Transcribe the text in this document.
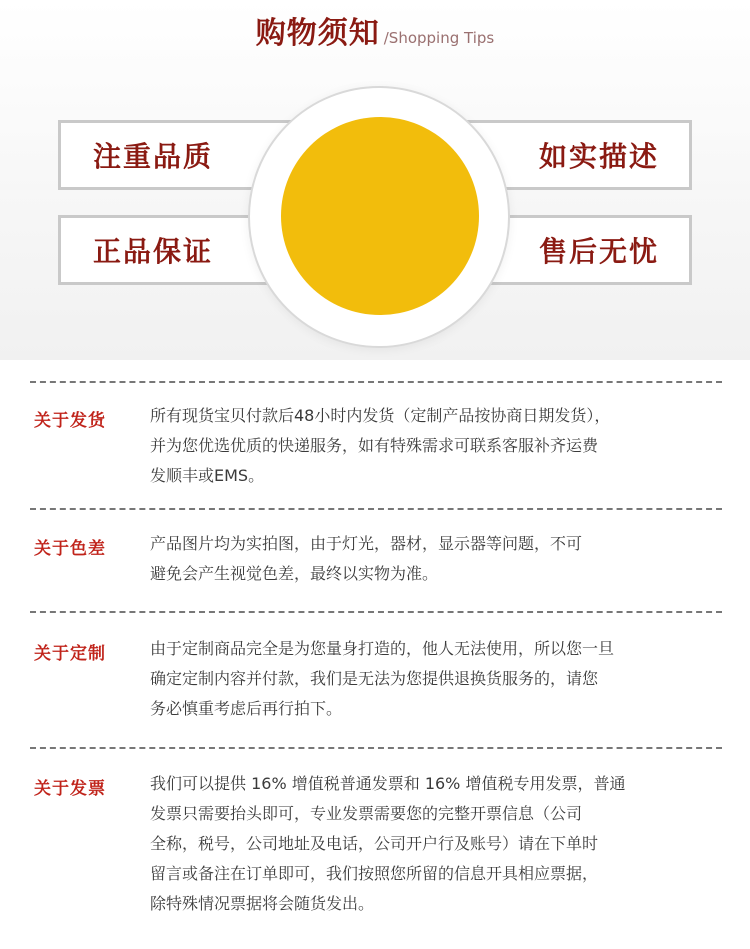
购物须知 /Shopping Tips
注重品质	如实描述
正品保证	售后无忧
关于发货	所有现货宝贝付款后48小时内发货（定制产品按协商日期发货），

并为您优选优质的快递服务，如有特殊需求可联系客服补齐运费

发顺丰或EMS。

关于色差	产品图片均为实拍图，由于灯光，器材，显示器等问题，不可

避免会产生视觉色差，最终以实物为准。

关于定制	由于定制商品完全是为您量身打造的，他人无法使用，所以您一旦

确定定制内容并付款，我们是无法为您提供退换货服务的，请您

务必慎重考虑后再行拍下。

关于发票	我们可以提供 16% 增值税普通发票和 16% 增值税专用发票，普通

发票只需要抬头即可，专业发票需要您的完整开票信息（公司

全称，税号，公司地址及电话，公司开户行及账号）请在下单时

留言或备注在订单即可，我们按照您所留的信息开具相应票据，

除特殊情况票据将会随货发出。
